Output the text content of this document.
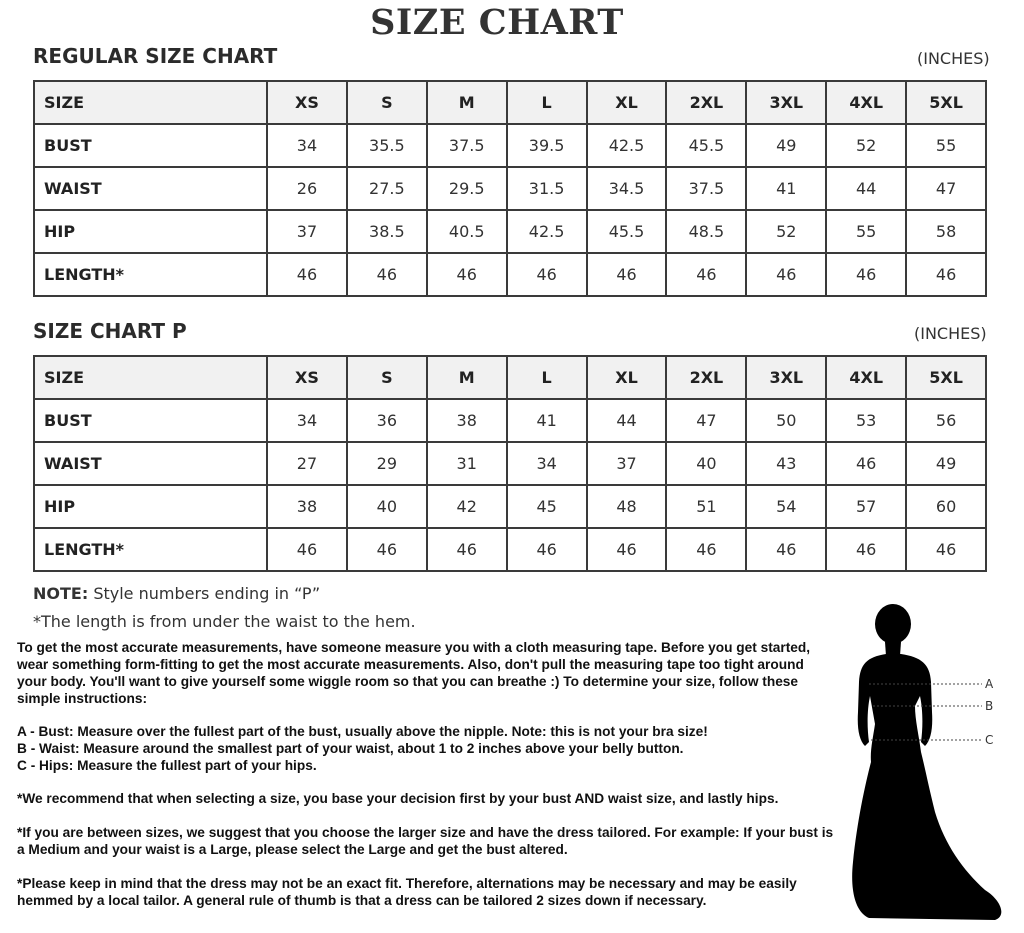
SIZE CHART
REGULAR SIZE CHART	(INCHES)
SIZE	XS	S	M	L	XL	2XL	3XL	4XL	5XL
BUST	34	35.5	37.5	39.5	42.5	45.5	49	52	55
WAIST	26	27.5	29.5	31.5	34.5	37.5	41	44	47
HIP	37	38.5	40.5	42.5	45.5	48.5	52	55	58
LENGTH*	46	46	46	46	46	46	46	46	46
SIZE CHART P	(INCHES)
SIZE	XS	S	M	L	XL	2XL	3XL	4XL	5XL
BUST	34	36	38	41	44	47	50	53	56
WAIST	27	29	31	34	37	40	43	46	49
HIP	38	40	42	45	48	51	54	57	60
LENGTH*	46	46	46	46	46	46	46	46	46
NOTE: Style numbers ending in “P”
*The length is from under the waist to the hem.

To get the most accurate measurements, have someone measure you with a cloth measuring tape. Before you get started, wear something form-fitting to get the most accurate measurements. Also, don't pull the measuring tape too tight around your body. You'll want to give yourself some wiggle room so that you can breathe :) To determine your size, follow these simple instructions:

A - Bust: Measure over the fullest part of the bust, usually above the nipple. Note: this is not your bra size!

B - Waist: Measure around the smallest part of your waist, about 1 to 2 inches above your belly button.

C - Hips: Measure the fullest part of your hips.

*We recommend that when selecting a size, you base your decision first by your bust AND waist size, and lastly hips.
*If you are between sizes, we suggest that you choose the larger size and have the dress tailored. For example: If your bust is a Medium and your waist is a Large, please select the Large and get the bust altered.
*Please keep in mind that the dress may not be an exact fit. Therefore, alternations may be necessary and may be easily hemmed by a local tailor. A general rule of thumb is that a dress can be tailored 2 sizes down if necessary.
A
B
C
